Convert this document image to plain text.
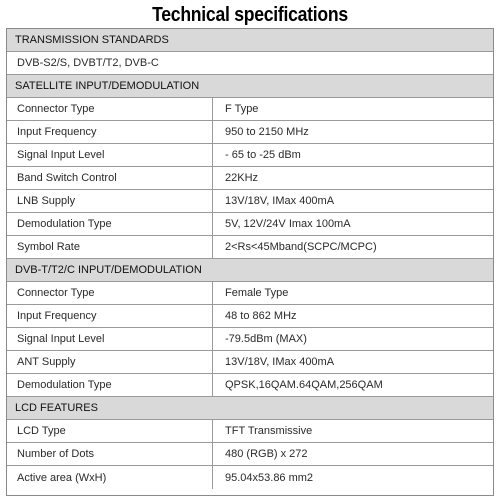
Technical specifications
TRANSMISSION STANDARDS
DVB-S2/S, DVBT/T2, DVB-C
SATELLITE INPUT/DEMODULATION
Connector Type	F Type
Input Frequency	950 to 2150 MHz
Signal Input Level	- 65 to -25 dBm
Band Switch Control	22KHz
LNB Supply	13V/18V, IMax 400mA
Demodulation Type	5V, 12V/24V Imax 100mA
Symbol Rate	2<Rs<45Mband(SCPC/MCPC)
DVB-T/T2/C INPUT/DEMODULATION
Connector Type	Female Type
Input Frequency	48 to 862 MHz
Signal Input Level	-79.5dBm (MAX)
ANT Supply	13V/18V, IMax 400mA
Demodulation Type	QPSK,16QAM.64QAM,256QAM
LCD FEATURES
LCD Type	TFT Transmissive
Number of Dots	480 (RGB) x 272
Active area (WxH)	95.04x53.86 mm2
